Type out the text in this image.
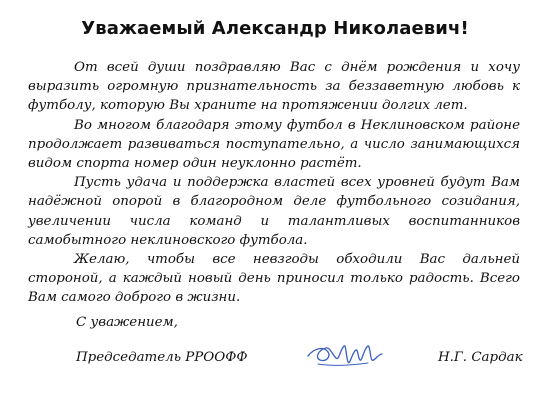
Уважаемый Александр Николаевич!

От всей души поздравляю Вас с днём рождения и хочу выразить огромную признательность за беззаветную любовь к футболу, которую Вы храните на протяжении долгих лет.

Во многом благодаря этому футбол в Неклиновском районе продолжает развиваться поступательно, а число занимающихся видом спорта номер один неуклонно растёт.

Пусть удача и поддержка властей всех уровней будут Вам надёжной опорой в благородном деле футбольного созидания, увеличении числа команд и талантливых воспитанников самобытного неклиновского футбола.

Желаю, чтобы все невзгоды обходили Вас дальней стороной, а каждый новый день приносил только радость. Всего Вам самого доброго в жизни.

С уважением,
Председатель РРООФФ	Н.Г. Сардак
